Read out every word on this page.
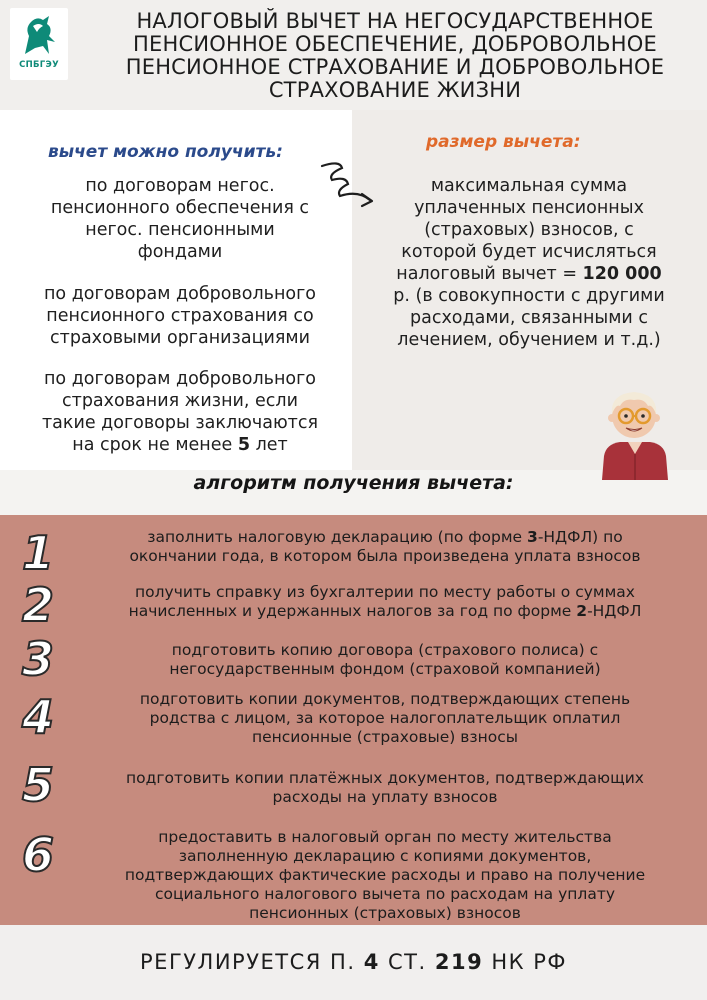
СПБГЭУ
НАЛОГОВЫЙ ВЫЧЕТ НА НЕГОСУДАРСТВЕННОЕ
ПЕНСИОННОЕ ОБЕСПЕЧЕНИЕ, ДОБРОВОЛЬНОЕ
ПЕНСИОННОЕ СТРАХОВАНИЕ И ДОБРОВОЛЬНОЕ
СТРАХОВАНИЕ ЖИЗНИ
вычет можно получить:	размер вычета:
по договорам негос.
пенсионного обеспечения с
негос. пенсионными
фондами
по договорам добровольного
пенсионного страхования со
страховыми организациями
по договорам добровольного
страхования жизни, если
такие договоры заключаются
на срок не менее 5 лет
максимальная сумма
уплаченных пенсионных
(страховых) взносов, с
которой будет исчисляться
налоговый вычет = 120 000
р. (в совокупности с другими
расходами, связанными с
лечением, обучением и т.д.)
алгоритм получения вычета:
1	заполнить налоговую декларацию (по форме 3-НДФЛ) по
окончании года, в котором была произведена уплата взносов
2	получить справку из бухгалтерии по месту работы о суммах
начисленных и удержанных налогов за год по форме 2-НДФЛ
3	подготовить копию договора (страхового полиса) с
негосударственным фондом (страховой компанией)
4	подготовить копии документов, подтверждающих степень
родства с лицом, за которое налогоплательщик оплатил
пенсионные (страховые) взносы
5	подготовить копии платёжных документов, подтверждающих
расходы на уплату взносов
6	предоставить в налоговый орган по месту жительства
заполненную декларацию с копиями документов,
подтверждающих фактические расходы и право на получение
социального налогового вычета по расходам на уплату
пенсионных (страховых) взносов
РЕГУЛИРУЕТСЯ П. 4 СТ. 219 НК РФ
